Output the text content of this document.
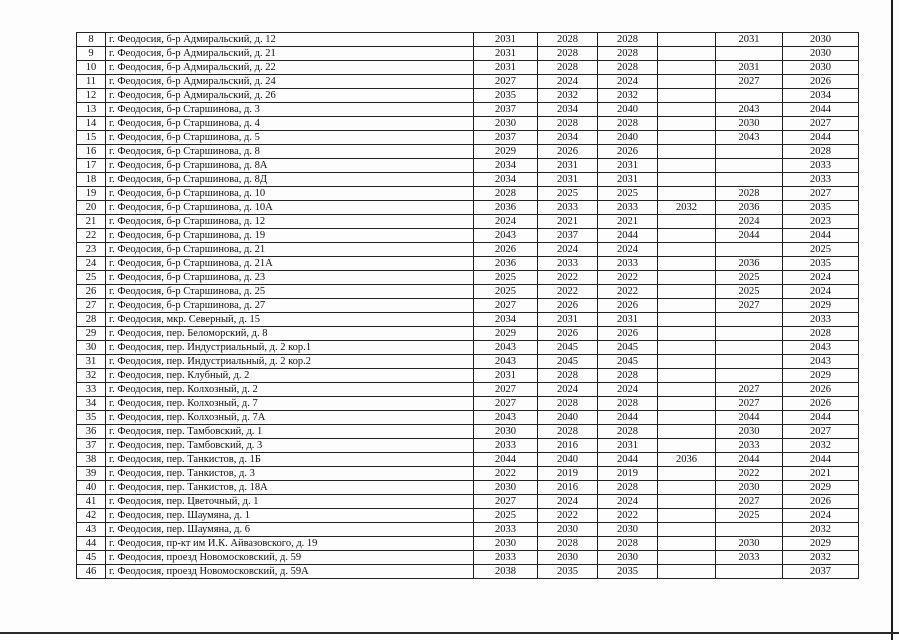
8	г. Феодосия, б-р Адмиральский, д. 12	2031	2028	2028		2031	2030
9	г. Феодосия, б-р Адмиральский, д. 21	2031	2028	2028			2030
10	г. Феодосия, б-р Адмиральский, д. 22	2031	2028	2028		2031	2030
11	г. Феодосия, б-р Адмиральский, д. 24	2027	2024	2024		2027	2026
12	г. Феодосия, б-р Адмиральский, д. 26	2035	2032	2032			2034
13	г. Феодосия, б-р Старшинова, д. 3	2037	2034	2040		2043	2044
14	г. Феодосия, б-р Старшинова, д. 4	2030	2028	2028		2030	2027
15	г. Феодосия, б-р Старшинова, д. 5	2037	2034	2040		2043	2044
16	г. Феодосия, б-р Старшинова, д. 8	2029	2026	2026			2028
17	г. Феодосия, б-р Старшинова, д. 8А	2034	2031	2031			2033
18	г. Феодосия, б-р Старшинова, д. 8Д	2034	2031	2031			2033
19	г. Феодосия, б-р Старшинова, д. 10	2028	2025	2025		2028	2027
20	г. Феодосия, б-р Старшинова, д. 10А	2036	2033	2033	2032	2036	2035
21	г. Феодосия, б-р Старшинова, д. 12	2024	2021	2021		2024	2023
22	г. Феодосия, б-р Старшинова, д. 19	2043	2037	2044		2044	2044
23	г. Феодосия, б-р Старшинова, д. 21	2026	2024	2024			2025
24	г. Феодосия, б-р Старшинова, д. 21А	2036	2033	2033		2036	2035
25	г. Феодосия, б-р Старшинова, д. 23	2025	2022	2022		2025	2024
26	г. Феодосия, б-р Старшинова, д. 25	2025	2022	2022		2025	2024
27	г. Феодосия, б-р Старшинова, д. 27	2027	2026	2026		2027	2029
28	г. Феодосия, мкр. Северный, д. 15	2034	2031	2031			2033
29	г. Феодосия, пер. Беломорский, д. 8	2029	2026	2026			2028
30	г. Феодосия, пер. Индустриальный, д. 2 кор.1	2043	2045	2045			2043
31	г. Феодосия, пер. Индустриальный, д. 2 кор.2	2043	2045	2045			2043
32	г. Феодосия, пер. Клубный, д. 2	2031	2028	2028			2029
33	г. Феодосия, пер. Колхозный, д. 2	2027	2024	2024		2027	2026
34	г. Феодосия, пер. Колхозный, д. 7	2027	2028	2028		2027	2026
35	г. Феодосия, пер. Колхозный, д. 7А	2043	2040	2044		2044	2044
36	г. Феодосия, пер. Тамбовский, д. 1	2030	2028	2028		2030	2027
37	г. Феодосия, пер. Тамбовский, д. 3	2033	2016	2031		2033	2032
38	г. Феодосия, пер. Танкистов, д. 1Б	2044	2040	2044	2036	2044	2044
39	г. Феодосия, пер. Танкистов, д. 3	2022	2019	2019		2022	2021
40	г. Феодосия, пер. Танкистов, д. 18А	2030	2016	2028		2030	2029
41	г. Феодосия, пер. Цветочный, д. 1	2027	2024	2024		2027	2026
42	г. Феодосия, пер. Шаумяна, д. 1	2025	2022	2022		2025	2024
43	г. Феодосия, пер. Шаумяна, д. 6	2033	2030	2030			2032
44	г. Феодосия, пр-кт им И.К. Айвазовского, д. 19	2030	2028	2028		2030	2029
45	г. Феодосия, проезд Новомосковский, д. 59	2033	2030	2030		2033	2032
46	г. Феодосия, проезд Новомосковский, д. 59А	2038	2035	2035			2037
